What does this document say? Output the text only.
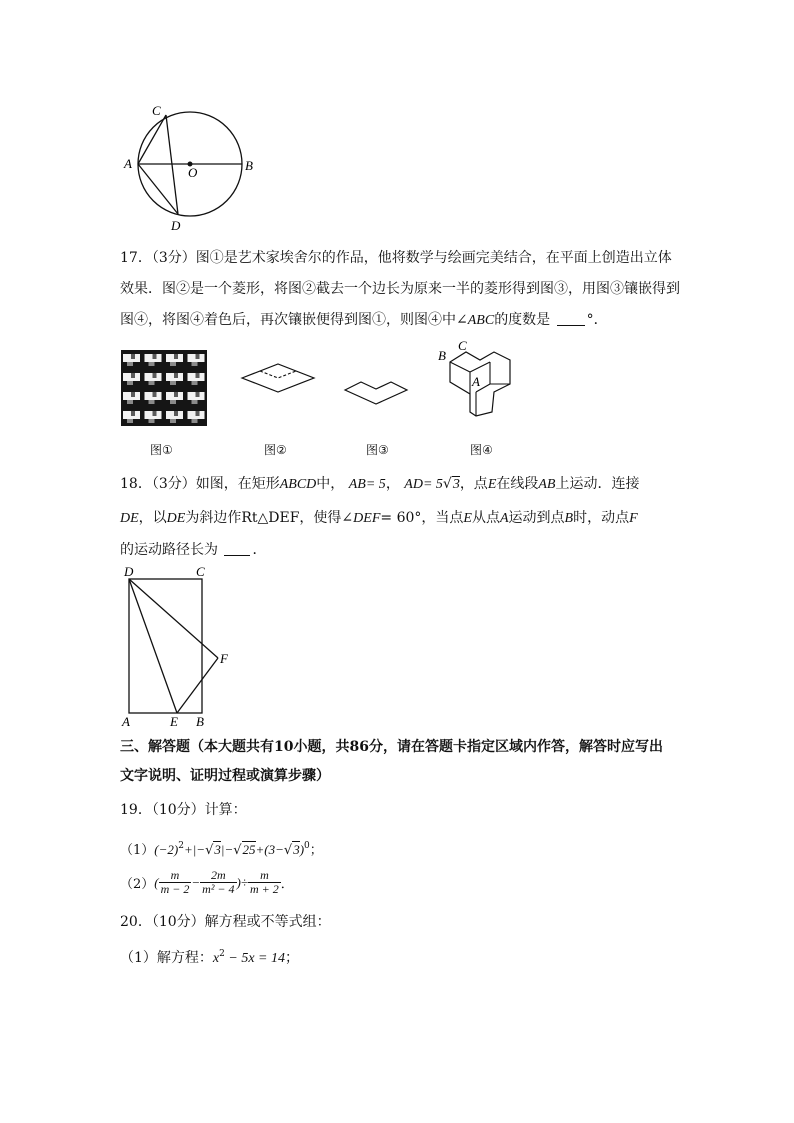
C
A	B
O
D
17．（3分）图①是艺术家埃舍尔的作品，他将数学与绘画完美结合，在平面上创造出立体
效果．图②是一个菱形，将图②截去一个边长为原来一半的菱形得到图③，用图③镶嵌得到
图④，将图④着色后，再次镶嵌便得到图①，则图④中∠ABC的度数是	°．
C
B
A
图①	图②	图③	图④
18．（3分）如图，在矩形ABCD中， AB= 5， AD= 5√3，点E在线段AB上运动．连接
DE，以DE为斜边作Rt△DEF，使得∠DEF= 60°，当点E从点A运动到点B时，动点F
的运动路径长为 ．
D	C
F
A	E B
三、解答题（本大题共有10小题，共86分，请在答题卡指定区域内作答，解答时应写出
文字说明、证明过程或演算步骤）
19．（10分）计算：
$(1)(-2)^2+|-√3|-√25+(3-√3)^0$；
（2） ( $\frac{m}{m - 2} - \frac{2m}{\text{m² − 4}}$ )÷ $\frac{m}{m + 2}$ ．
20．（10分）解方程或不等式组：
（1）解方程：$x^2 - 5x = 14$；
